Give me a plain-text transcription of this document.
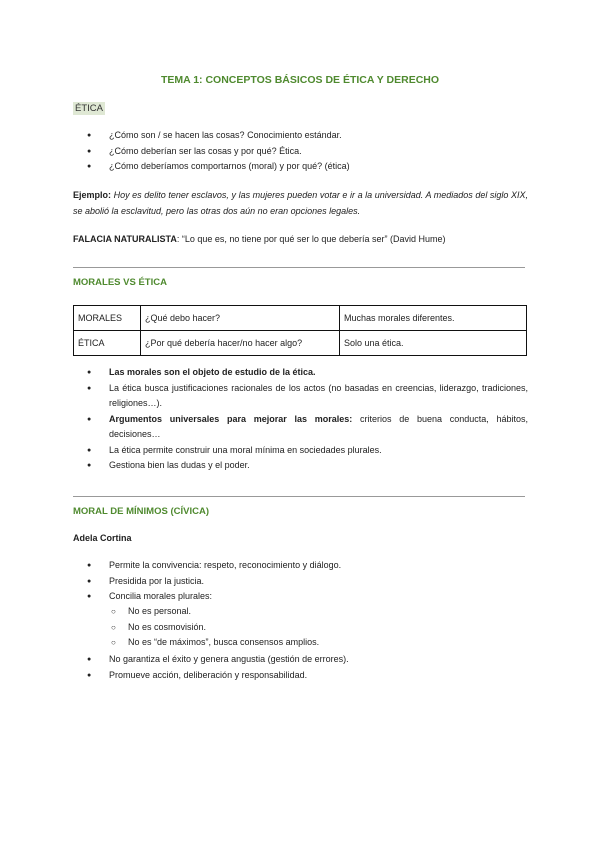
TEMA 1: CONCEPTOS BÁSICOS DE ÉTICA Y DERECHO
ÉTICA
● ¿Cómo son / se hacen las cosas? Conocimiento estándar.
● ¿Cómo deberían ser las cosas y por qué? Ética.
● ¿Cómo deberíamos comportarnos (moral) y por qué? (ética)
Ejemplo: Hoy es delito tener esclavos, y las mujeres pueden votar e ir a la universidad. A mediados del siglo XIX, se abolió la esclavitud, pero las otras dos aún no eran opciones legales.
FALACIA NATURALISTA: “Lo que es, no tiene por qué ser lo que debería ser” (David Hume)
MORALES VS ÉTICA
MORALES	¿Qué debo hacer?	Muchas morales diferentes.
ÉTICA	¿Por qué debería hacer/no hacer algo?	Solo una ética.
● Las morales son el objeto de estudio de la ética.
● La ética busca justificaciones racionales de los actos (no basadas en creencias, liderazgo, tradiciones, religiones…).
● Argumentos universales para mejorar las morales: criterios de buena conducta, hábitos, decisiones…
● La ética permite construir una moral mínima en sociedades plurales.
● Gestiona bien las dudas y el poder.
MORAL DE MÍNIMOS (CÍVICA)
Adela Cortina
● Permite la convivencia: respeto, reconocimiento y diálogo.
● Presidida por la justicia.
● Concilia morales plurales:
○ No es personal.
○ No es cosmovisión.
○ No es “de máximos”, busca consensos amplios.
● No garantiza el éxito y genera angustia (gestión de errores).
● Promueve acción, deliberación y responsabilidad.
